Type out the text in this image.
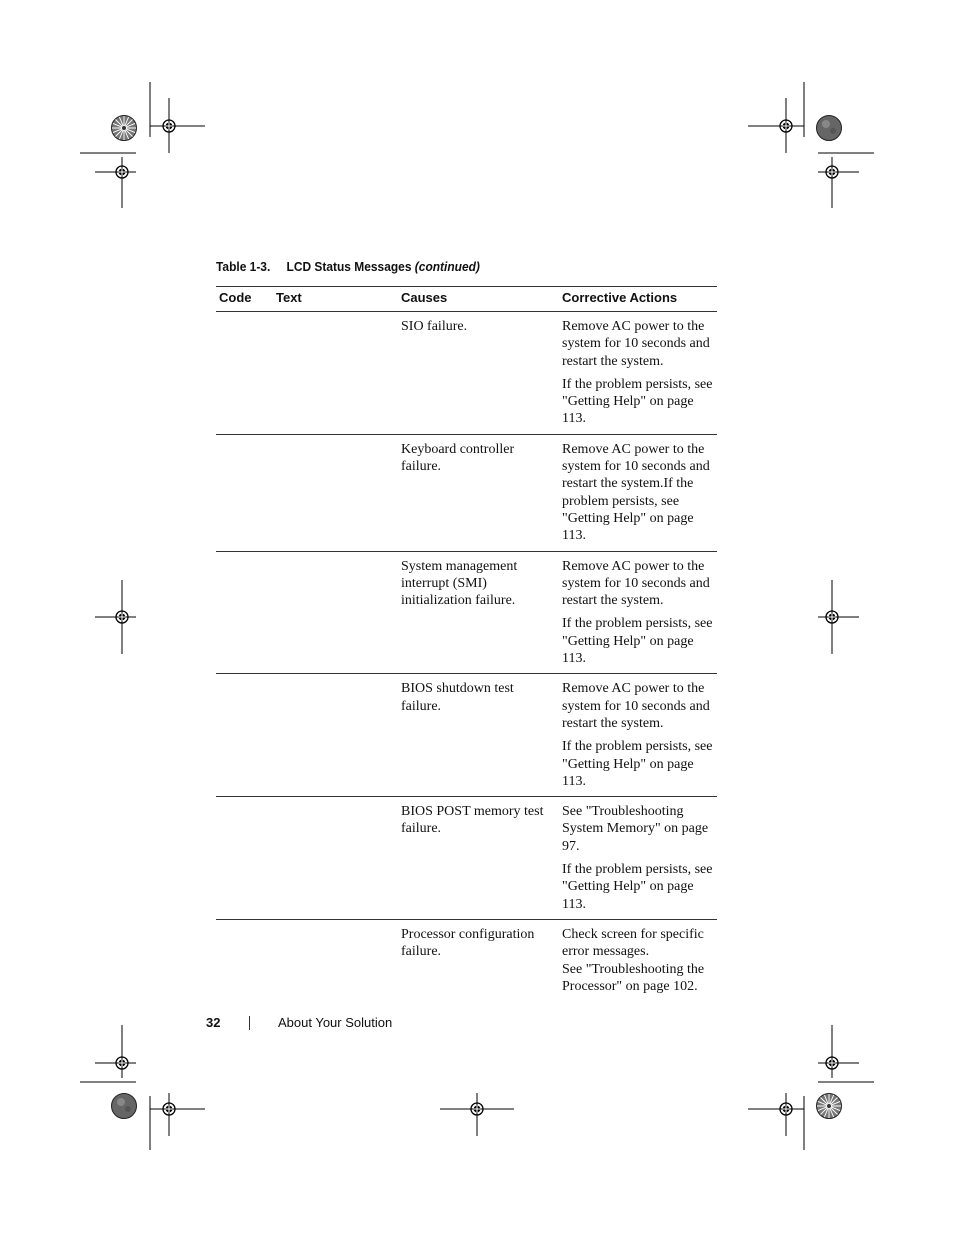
Table 1-3. LCD Status Messages (continued)
Code	Text	Causes	Corrective Actions
		SIO failure.	Remove AC power to the system for 10 seconds and restart the system.
If the problem persists, see "Getting Help" on page 113.

		Keyboard controller failure.	Remove AC power to the system for 10 seconds and restart the system.If the problem persists, see "Getting Help" on page 113.

		System management interrupt (SMI) initialization failure.	Remove AC power to the system for 10 seconds and restart the system.
If the problem persists, see "Getting Help" on page 113.

		BIOS shutdown test failure.	Remove AC power to the system for 10 seconds and restart the system.
If the problem persists, see "Getting Help" on page 113.

		BIOS POST memory test failure.	See "Troubleshooting System Memory" on page 97.
If the problem persists, see "Getting Help" on page 113.

		Processor configuration failure.	Check screen for specific error messages.
See "Troubleshooting the Processor" on page 102.
32	About Your Solution
